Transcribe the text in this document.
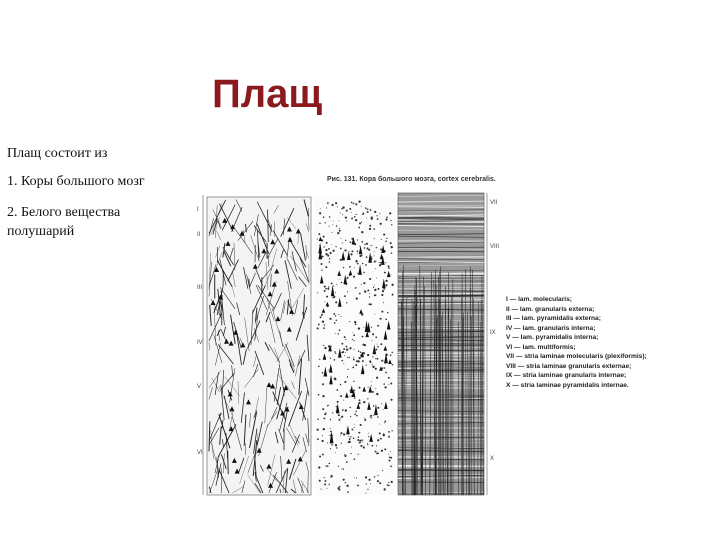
Плащ
Плащ состоит из
1. Коры большого мозг
2. Белого вещества полушарий
Рис. 131. Кора большого мозга, cortex cerebralis.
I — lam. molecularis;
II — lam. granularis externa;
III — lam. pyramidalis externa;
IV — lam. granularis interna;
V — lam. pyramidalis interna;
VI — lam. multiformis;
VII — stria laminae molecularis (plexiformis);
VIII — stria laminae granularis externae;
IX — stria laminae granularis internae;
X — stria laminae pyramidalis internae.
I
II
III
IV
V
VI
VII
VIII
IX
X
